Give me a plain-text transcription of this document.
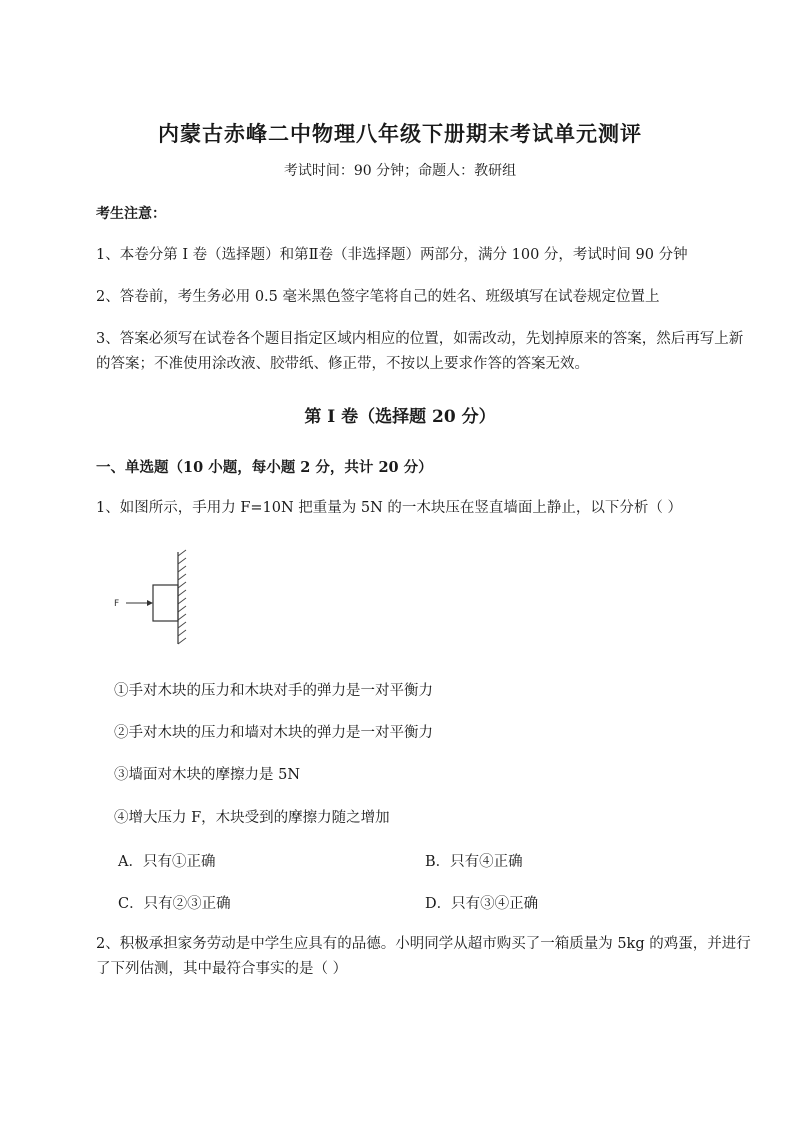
内蒙古赤峰二中物理八年级下册期末考试单元测评
考试时间：90 分钟；命题人：教研组
考生注意：
1、本卷分第 I 卷（选择题）和第Ⅱ卷（非选择题）两部分，满分 100 分，考试时间 90 分钟
2、答卷前，考生务必用 0.5 毫米黑色签字笔将自己的姓名、班级填写在试卷规定位置上
3、答案必须写在试卷各个题目指定区域内相应的位置，如需改动，先划掉原来的答案，然后再写上新
的答案；不准使用涂改液、胶带纸、修正带，不按以上要求作答的答案无效。
第 I 卷（选择题 20 分）
一、单选题（10 小题，每小题 2 分，共计 20 分）
1、如图所示，手用力 F=10N 把重量为 5N 的一木块压在竖直墙面上静止，以下分析（ ）
F
①手对木块的压力和木块对手的弹力是一对平衡力
②手对木块的压力和墙对木块的弹力是一对平衡力
③墙面对木块的摩擦力是 5N
④增大压力 F，木块受到的摩擦力随之增加
A．只有①正确	B．只有④正确
C．只有②③正确	D．只有③④正确
2、积极承担家务劳动是中学生应具有的品德。小明同学从超市购买了一箱质量为 5kg 的鸡蛋，并进行
了下列估测，其中最符合事实的是（ ）
